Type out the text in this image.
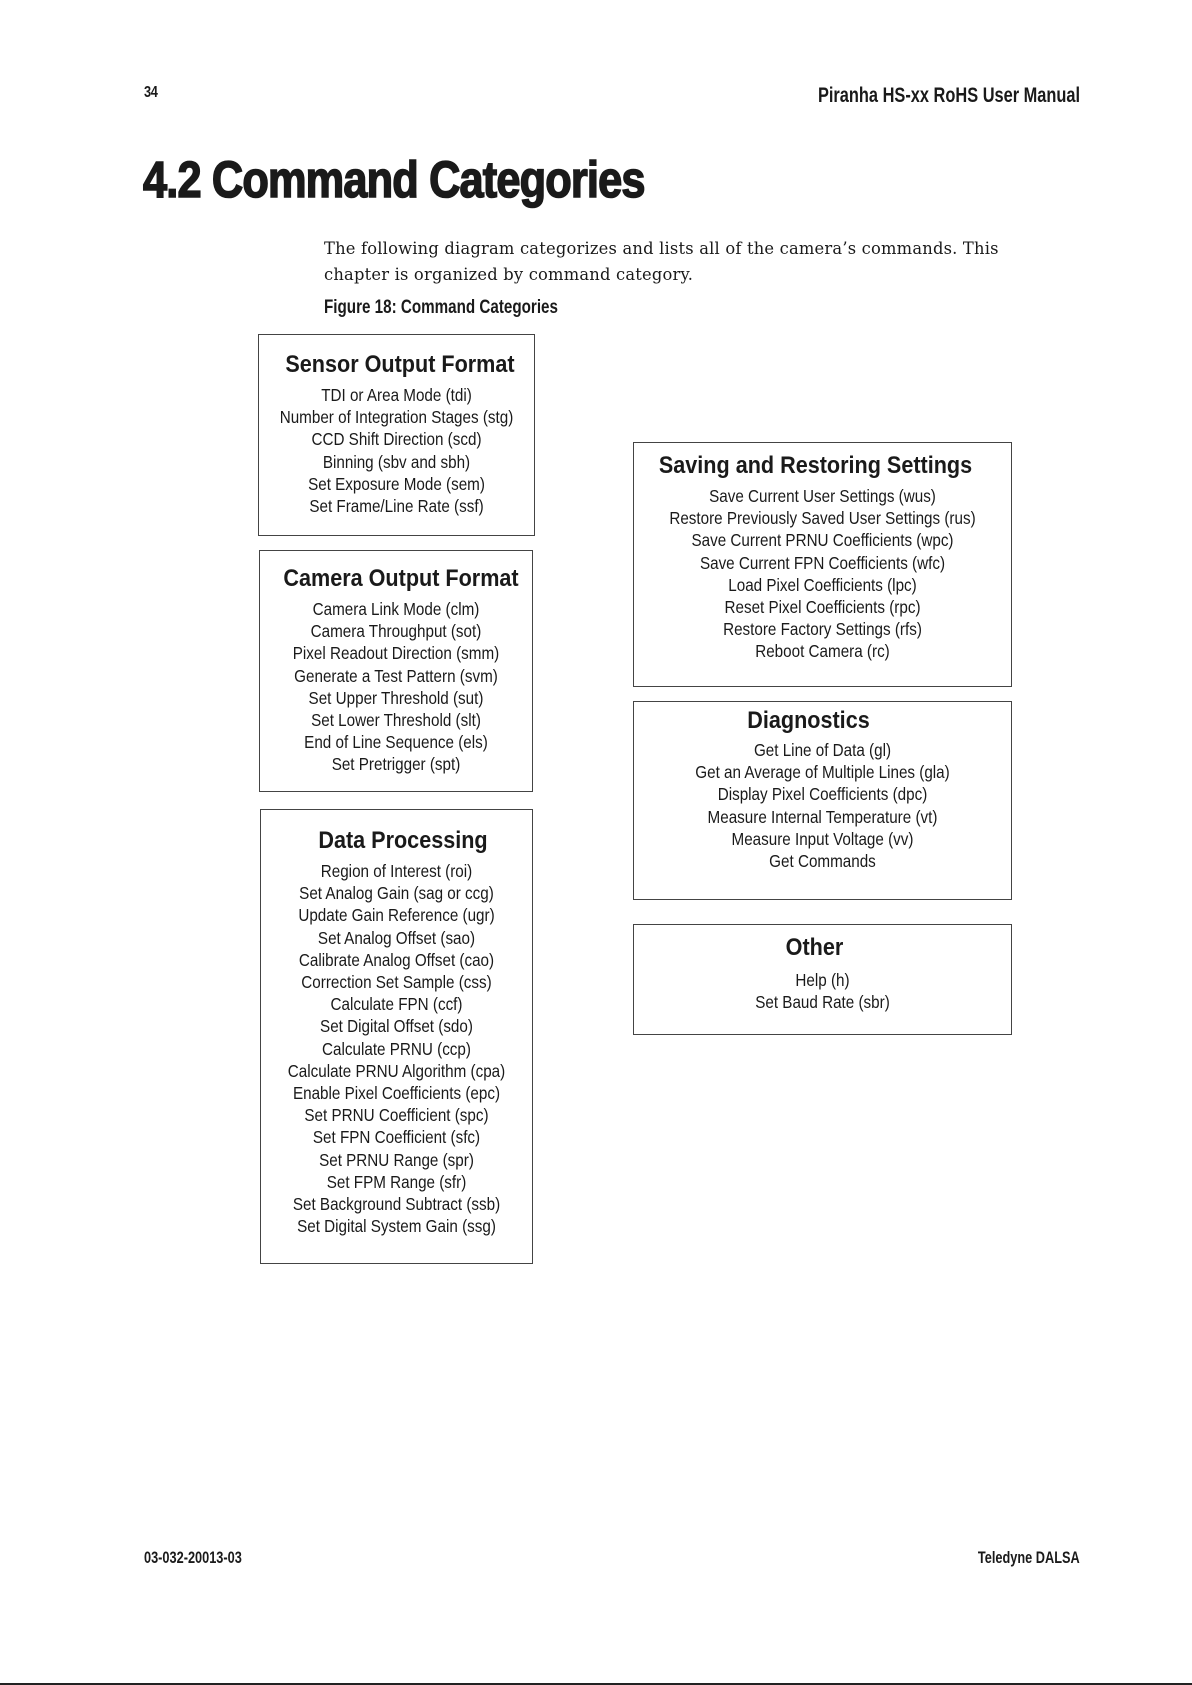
34	Piranha HS-xx RoHS User Manual
4.2 Command Categories

The following diagram categorizes and lists all of the camera’s commands. This chapter is organized by command category.

Figure 18: Command Categories
Sensor Output Format
TDI or Area Mode (tdi)
Number of Integration Stages (stg)
CCD Shift Direction (scd)
Binning (sbv and sbh)
Set Exposure Mode (sem)
Set Frame/Line Rate (ssf)
Camera Output Format
Camera Link Mode (clm)
Camera Throughput (sot)
Pixel Readout Direction (smm)
Generate a Test Pattern (svm)
Set Upper Threshold (sut)
Set Lower Threshold (slt)
End of Line Sequence (els)
Set Pretrigger (spt)
Data Processing
Region of Interest (roi)
Set Analog Gain (sag or ccg)
Update Gain Reference (ugr)
Set Analog Offset (sao)
Calibrate Analog Offset (cao)
Correction Set Sample (css)
Calculate FPN (ccf)
Set Digital Offset (sdo)
Calculate PRNU (ccp)
Calculate PRNU Algorithm (cpa)
Enable Pixel Coefficients (epc)
Set PRNU Coefficient (spc)
Set FPN Coefficient (sfc)
Set PRNU Range (spr)
Set FPM Range (sfr)
Set Background Subtract (ssb)
Set Digital System Gain (ssg)
Saving and Restoring Settings
Save Current User Settings (wus)
Restore Previously Saved User Settings (rus)
Save Current PRNU Coefficients (wpc)
Save Current FPN Coefficients (wfc)
Load Pixel Coefficients (lpc)
Reset Pixel Coefficients (rpc)
Restore Factory Settings (rfs)
Reboot Camera (rc)
Diagnostics
Get Line of Data (gl)
Get an Average of Multiple Lines (gla)
Display Pixel Coefficients (dpc)
Measure Internal Temperature (vt)
Measure Input Voltage (vv)
Get Commands
Other
Help (h)
Set Baud Rate (sbr)
03-032-20013-03	Teledyne DALSA
